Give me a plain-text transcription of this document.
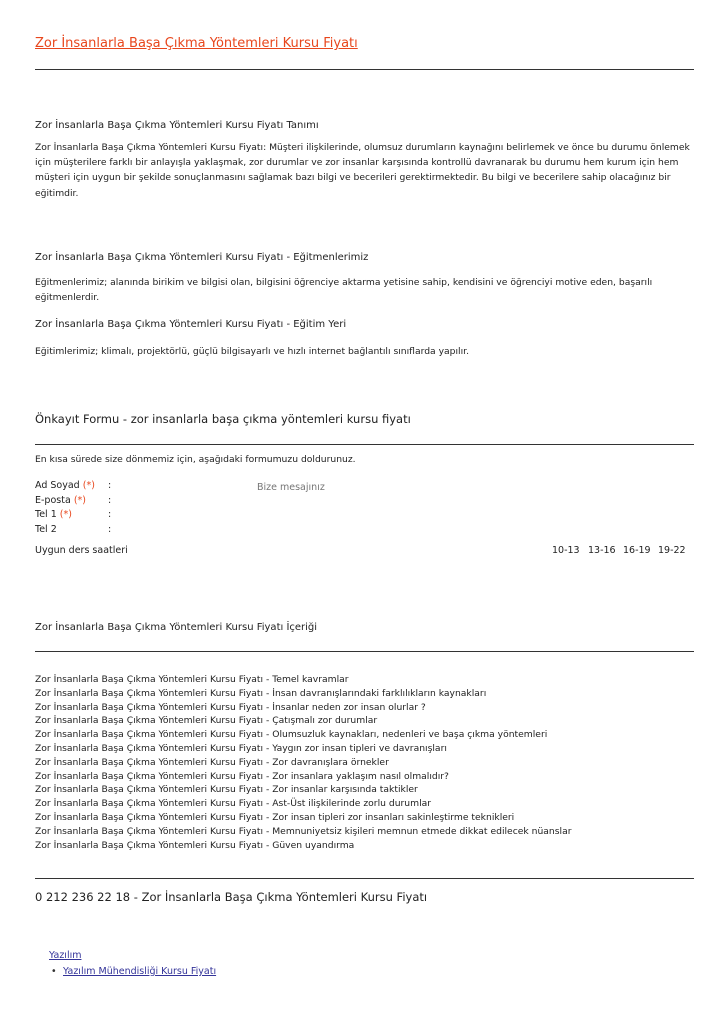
Zor İnsanlarla Başa Çıkma Yöntemleri Kursu Fiyatı
Zor İnsanlarla Başa Çıkma Yöntemleri Kursu Fiyatı Tanımı
Zor İnsanlarla Başa Çıkma Yöntemleri Kursu Fiyatı: Müşteri ilişkilerinde, olumsuz durumların kaynağını belirlemek ve önce bu durumu önlemek için müşterilere farklı bir anlayışla yaklaşmak, zor durumlar ve zor insanlar karşısında kontrollü davranarak bu durumu hem kurum için hem müşteri için uygun bir şekilde sonuçlanmasını sağlamak bazı bilgi ve becerileri gerektirmektedir. Bu bilgi ve becerilere sahip olacağınız bir eğitimdir.
Zor İnsanlarla Başa Çıkma Yöntemleri Kursu Fiyatı - Eğitmenlerimiz
Eğitmenlerimiz; alanında birikim ve bilgisi olan, bilgisini öğrenciye aktarma yetisine sahip, kendisini ve öğrenciyi motive eden, başarılı eğitmenlerdir.
Zor İnsanlarla Başa Çıkma Yöntemleri Kursu Fiyatı - Eğitim Yeri
Eğitimlerimiz; klimalı, projektörlü, güçlü bilgisayarlı ve hızlı internet bağlantılı sınıflarda yapılır.
Önkayıt Formu - zor insanlarla başa çıkma yöntemleri kursu fiyatı
En kısa sürede size dönmemiz için, aşağıdaki formumuzu doldurunuz.
Ad Soyad (*) :
E-posta (*) :
Tel 1 (*)	:
Tel 2	:
Bize mesajınız
Uygun ders saatleri	10-13 13-16 16-19 19-22
Zor İnsanlarla Başa Çıkma Yöntemleri Kursu Fiyatı İçeriği
Zor İnsanlarla Başa Çıkma Yöntemleri Kursu Fiyatı - Temel kavramlar
Zor İnsanlarla Başa Çıkma Yöntemleri Kursu Fiyatı - İnsan davranışlarındaki farklılıkların kaynakları
Zor İnsanlarla Başa Çıkma Yöntemleri Kursu Fiyatı - İnsanlar neden zor insan olurlar ?
Zor İnsanlarla Başa Çıkma Yöntemleri Kursu Fiyatı - Çatışmalı zor durumlar
Zor İnsanlarla Başa Çıkma Yöntemleri Kursu Fiyatı - Olumsuzluk kaynakları, nedenleri ve başa çıkma yöntemleri
Zor İnsanlarla Başa Çıkma Yöntemleri Kursu Fiyatı - Yaygın zor insan tipleri ve davranışları
Zor İnsanlarla Başa Çıkma Yöntemleri Kursu Fiyatı - Zor davranışlara örnekler
Zor İnsanlarla Başa Çıkma Yöntemleri Kursu Fiyatı - Zor insanlara yaklaşım nasıl olmalıdır?
Zor İnsanlarla Başa Çıkma Yöntemleri Kursu Fiyatı - Zor insanlar karşısında taktikler
Zor İnsanlarla Başa Çıkma Yöntemleri Kursu Fiyatı - Ast-Üst ilişkilerinde zorlu durumlar
Zor İnsanlarla Başa Çıkma Yöntemleri Kursu Fiyatı - Zor insan tipleri zor insanları sakinleştirme teknikleri
Zor İnsanlarla Başa Çıkma Yöntemleri Kursu Fiyatı - Memnuniyetsiz kişileri memnun etmede dikkat edilecek nüanslar
Zor İnsanlarla Başa Çıkma Yöntemleri Kursu Fiyatı - Güven uyandırma
0 212 236 22 18 - Zor İnsanlarla Başa Çıkma Yöntemleri Kursu Fiyatı
Yazılım
• Yazılım Mühendisliği Kursu Fiyatı
